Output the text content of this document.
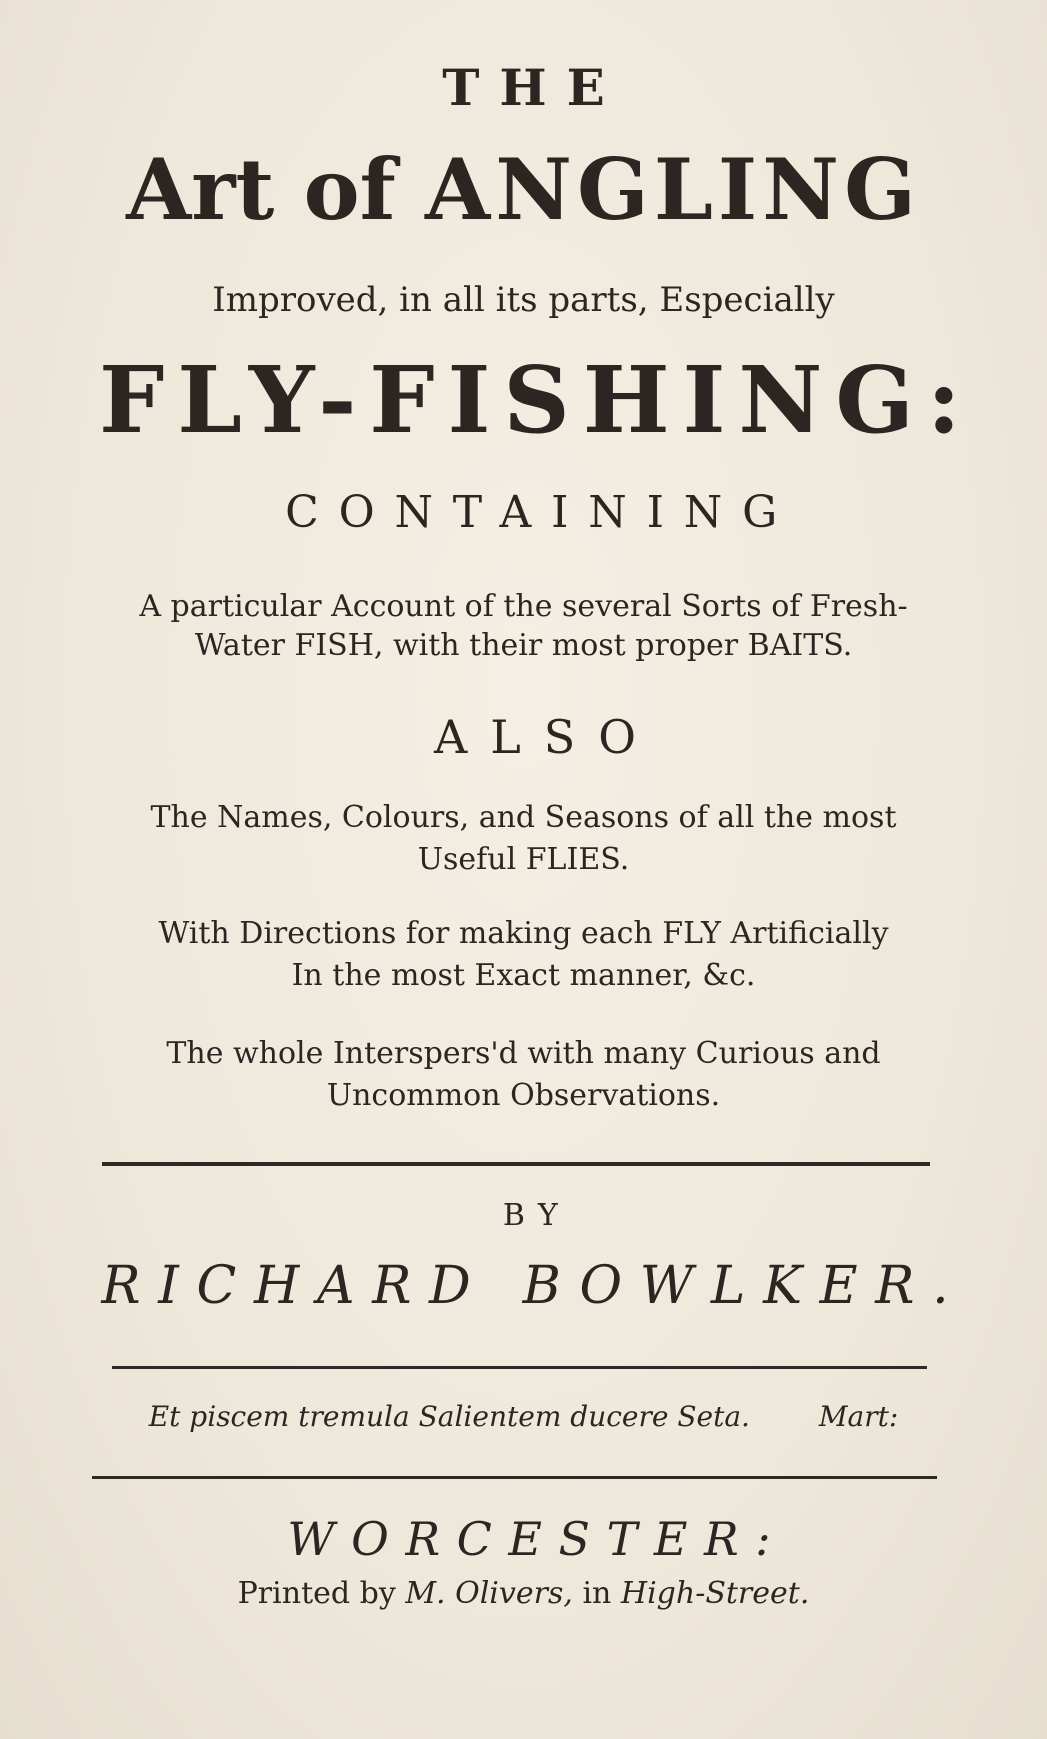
THE

Art of ANGLING

Improved, in all its parts, Especially

FLY-FISHING:

CONTAINING

A particular Account of the several Sorts of Fresh-

Water FISH, with their most proper BAITS.

ALSO

The Names, Colours, and Seasons of all the most

Useful FLIES.

With Directions for making each FLY Artificially

In the most Exact manner, &c.

The whole Interspers'd with many Curious and

Uncommon Observations.

BY

RICHARD BOWLKER.

Et piscem tremula Salientem ducere Seta. Mart:

WORCESTER:

Printed by M. Olivers, in High-Street.
